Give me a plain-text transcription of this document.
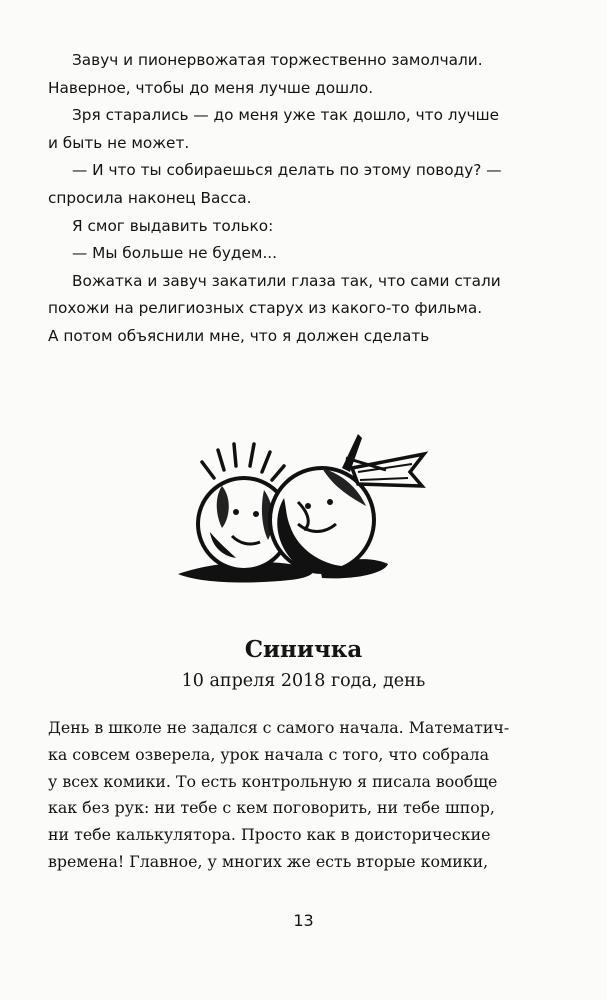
Завуч и пионервожатая торжественно замолчали.

Наверное, чтобы до меня лучше дошло.

Зря старались — до меня уже так дошло, что лучше

и быть не может.

— И что ты собираешься делать по этому поводу? —

спросила наконец Васса.

Я смог выдавить только:

— Мы больше не будем...

Вожатка и завуч закатили глаза так, что сами стали

похожи на религиозных старух из какого-то фильма.

А потом объяснили мне, что я должен сделать

Синичка
10 апреля 2018 года, день

День в школе не задался с самого начала. Математич-

ка совсем озверела, урок начала с того, что собрала

у всех комики. То есть контрольную я писала вообще

как без рук: ни тебе с кем поговорить, ни тебе шпор,

ни тебе калькулятора. Просто как в доисторические

времена! Главное, у многих же есть вторые комики,

13
